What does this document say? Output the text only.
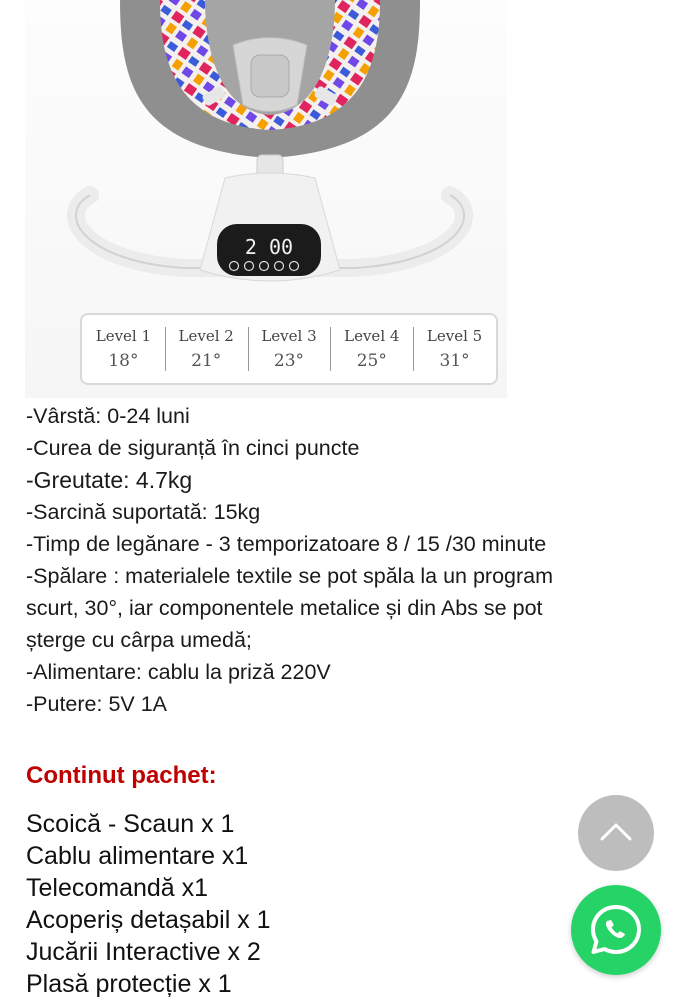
2 00
Level 1
18°
Level 2
21°
Level 3
23°
Level 4
25°
Level 5
31°

-Vârstă: 0-24 luni

-Curea de siguranță în cinci puncte

-Greutate: 4.7kg

-Sarcină suportată: 15kg

-Timp de legănare - 3 temporizatoare 8 / 15 /30 minute

-Spălare : materialele textile se pot spăla la un program

scurt, 30°, iar componentele metalice și din Abs se pot

șterge cu cârpa umedă;

-Alimentare: cablu la priză 220V

-Putere: 5V 1A

Continut pachet:

Scoică - Scaun x 1

Cablu alimentare x1

Telecomandă x1

Acoperiș detașabil x 1

Jucării Interactive x 2

Plasă protecție x 1
